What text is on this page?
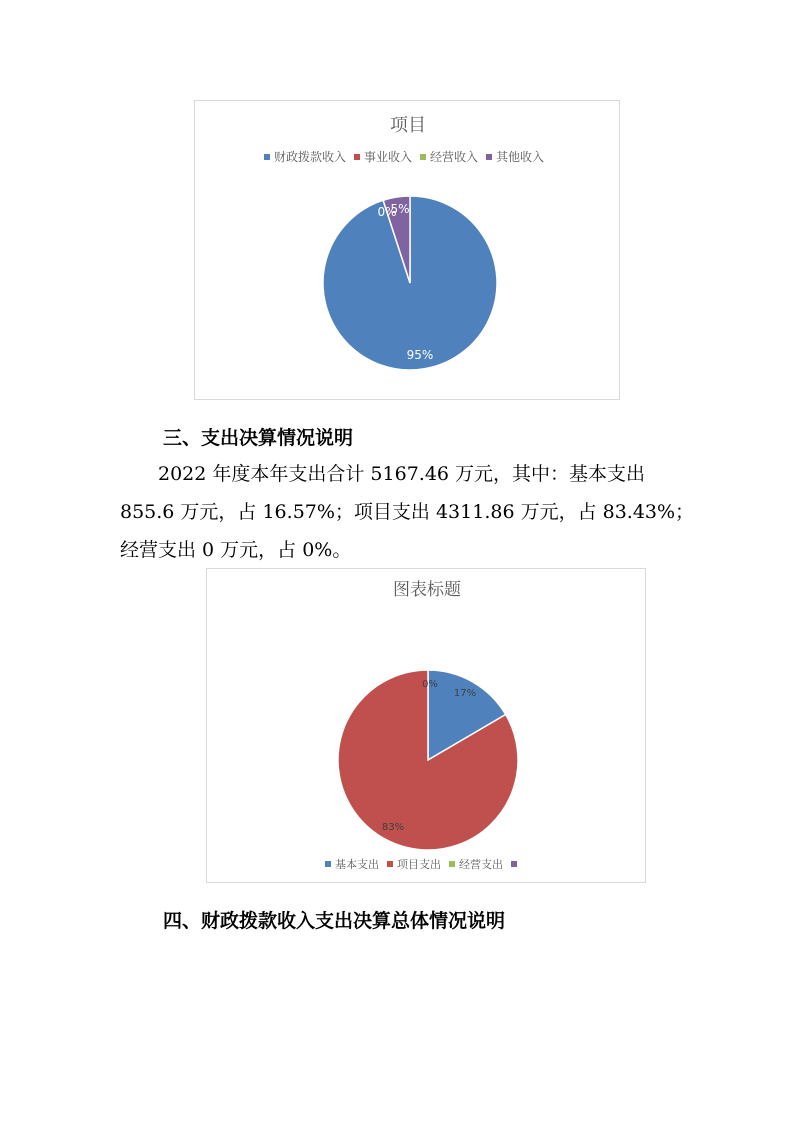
项目
财政拨款收入 事业收入 经营收入 其他收入
95%
0%
5%
三、支出决算情况说明
2022 年度本年支出合计 5167.46 万元，其中：基本支出
855.6 万元，占 16.57%；项目支出 4311.86 万元，占 83.43%；
经营支出 0 万元，占 0%。
图表标题
基本支出 项目支出 经营支出
17%
83%
0%
四、财政拨款收入支出决算总体情况说明
